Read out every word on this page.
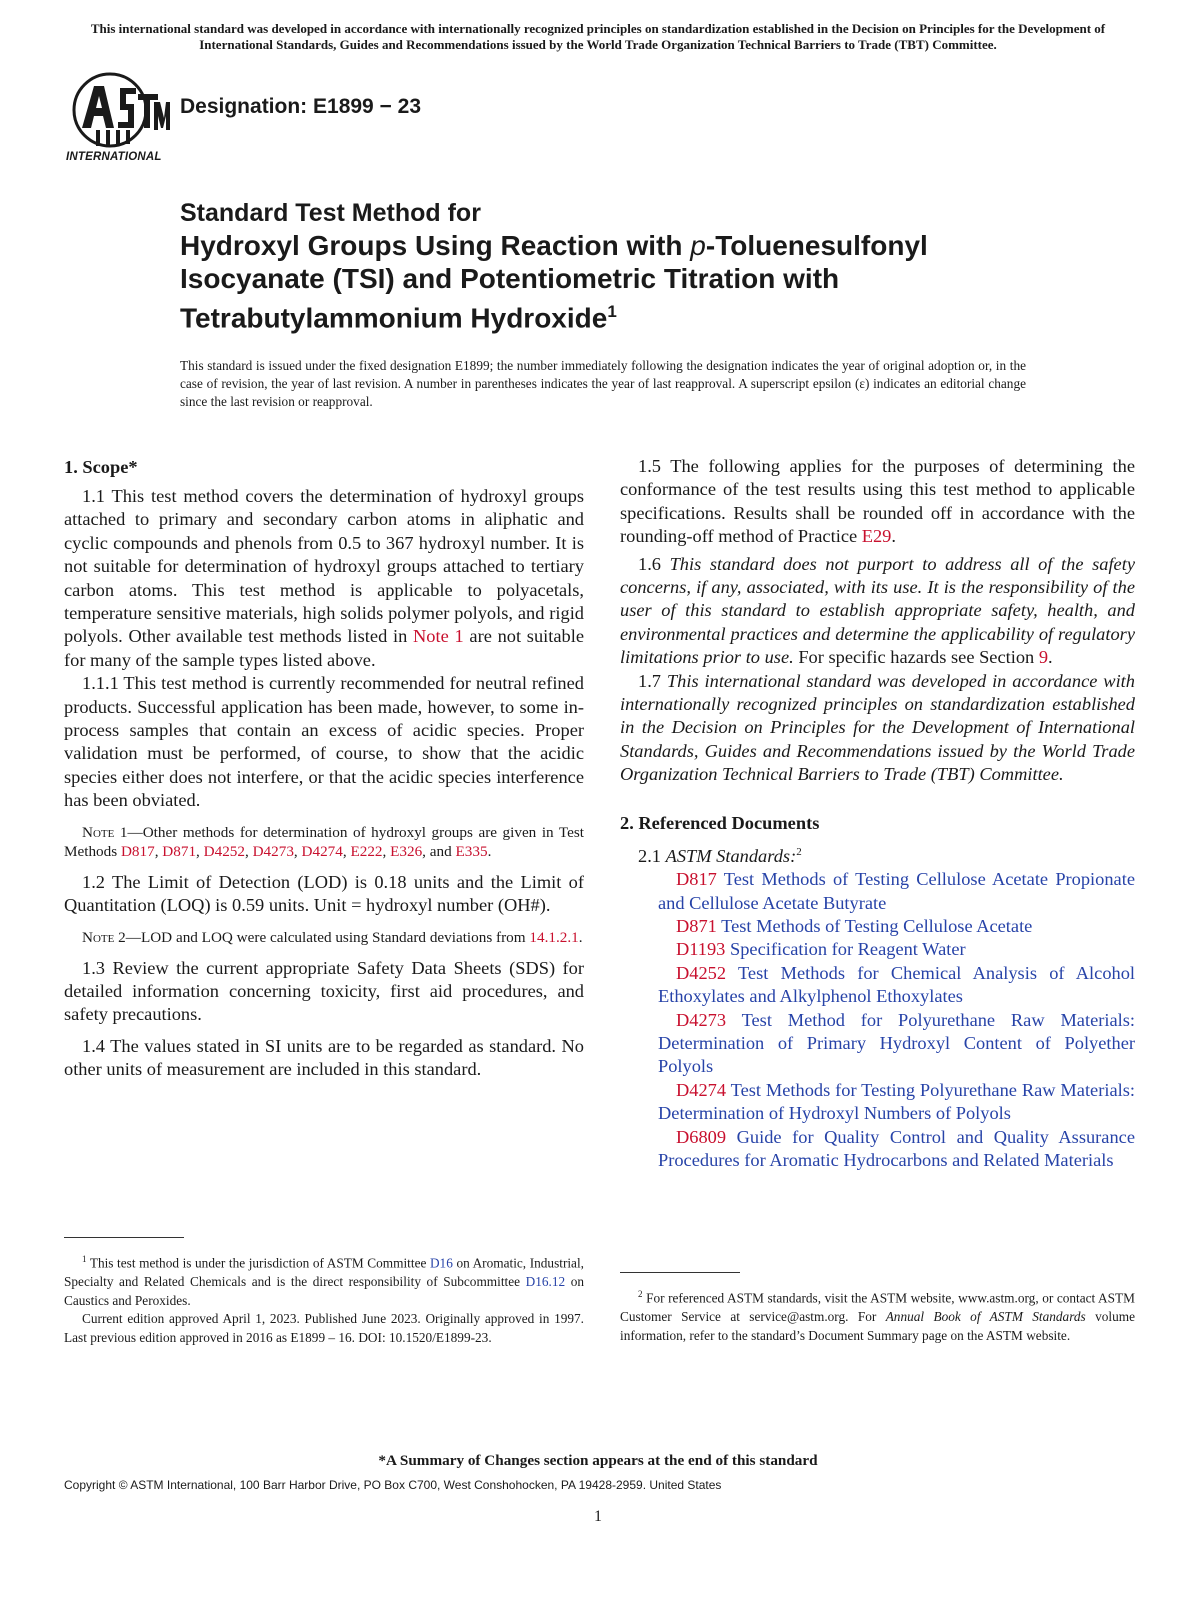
This international standard was developed in accordance with internationally recognized principles on standardization established in the Decision on Principles for the Development of International Standards, Guides and Recommendations issued by the World Trade Organization Technical Barriers to Trade (TBT) Committee.
INTERNATIONAL
Designation: E1899 − 23
Standard Test Method for
Hydroxyl Groups Using Reaction with p-Toluenesulfonyl Isocyanate (TSI) and Potentiometric Titration with Tetrabutylammonium Hydroxide$^1$
This standard is issued under the fixed designation E1899; the number immediately following the designation indicates the year of original adoption or, in the case of revision, the year of last revision. A number in parentheses indicates the year of last reapproval. A superscript epsilon (ε) indicates an editorial change since the last revision or reapproval.
1. Scope*

1.1 This test method covers the determination of hydroxyl groups attached to primary and secondary carbon atoms in aliphatic and cyclic compounds and phenols from 0.5 to 367 hydroxyl number. It is not suitable for determination of hydroxyl groups attached to tertiary carbon atoms. This test method is applicable to polyacetals, temperature sensitive materials, high solids polymer polyols, and rigid polyols. Other available test methods listed in Note 1 are not suitable for many of the sample types listed above.

1.1.1 This test method is currently recommended for neutral refined products. Successful application has been made, however, to some in-process samples that contain an excess of acidic species. Proper validation must be performed, of course, to show that the acidic species either does not interfere, or that the acidic species interference has been obviated.

Note 1—Other methods for determination of hydroxyl groups are given in Test Methods D817, D871, D4252, D4273, D4274, E222, E326, and E335.

1.2 The Limit of Detection (LOD) is 0.18 units and the Limit of Quantitation (LOQ) is 0.59 units. Unit = hydroxyl number (OH#).

Note 2—LOD and LOQ were calculated using Standard deviations from 14.1.2.1.

1.3 Review the current appropriate Safety Data Sheets (SDS) for detailed information concerning toxicity, first aid procedures, and safety precautions.

1.4 The values stated in SI units are to be regarded as standard. No other units of measurement are included in this standard.

1.5 The following applies for the purposes of determining the conformance of the test results using this test method to applicable specifications. Results shall be rounded off in accordance with the rounding-off method of Practice E29.

1.6 This standard does not purport to address all of the safety concerns, if any, associated, with its use. It is the responsibility of the user of this standard to establish appropriate safety, health, and environmental practices and determine the applicability of regulatory limitations prior to use. For specific hazards see Section 9.

1.7 This international standard was developed in accordance with internationally recognized principles on standardization established in the Decision on Principles for the Development of International Standards, Guides and Recommendations issued by the World Trade Organization Technical Barriers to Trade (TBT) Committee.

2. Referenced Documents

2.1 ASTM Standards:$^2$

D817 Test Methods of Testing Cellulose Acetate Propionate and Cellulose Acetate Butyrate

D871 Test Methods of Testing Cellulose Acetate

D1193 Specification for Reagent Water

D4252 Test Methods for Chemical Analysis of Alcohol Ethoxylates and Alkylphenol Ethoxylates

D4273 Test Method for Polyurethane Raw Materials: Determination of Primary Hydroxyl Content of Polyether Polyols

D4274 Test Methods for Testing Polyurethane Raw Materials: Determination of Hydroxyl Numbers of Polyols

D6809 Guide for Quality Control and Quality Assurance Procedures for Aromatic Hydrocarbons and Related Materials

$^1$ This test method is under the jurisdiction of ASTM Committee D16 on Aromatic, Industrial, Specialty and Related Chemicals and is the direct responsibility of Subcommittee D16.12 on Caustics and Peroxides.

Current edition approved April 1, 2023. Published June 2023. Originally approved in 1997. Last previous edition approved in 2016 as E1899 – 16. DOI: 10.1520/E1899-23.

$^2$ For referenced ASTM standards, visit the ASTM website, www.astm.org, or contact ASTM Customer Service at service@astm.org. For Annual Book of ASTM Standards volume information, refer to the standard’s Document Summary page on the ASTM website.

*A Summary of Changes section appears at the end of this standard
Copyright © ASTM International, 100 Barr Harbor Drive, PO Box C700, West Conshohocken, PA 19428-2959. United States
1
